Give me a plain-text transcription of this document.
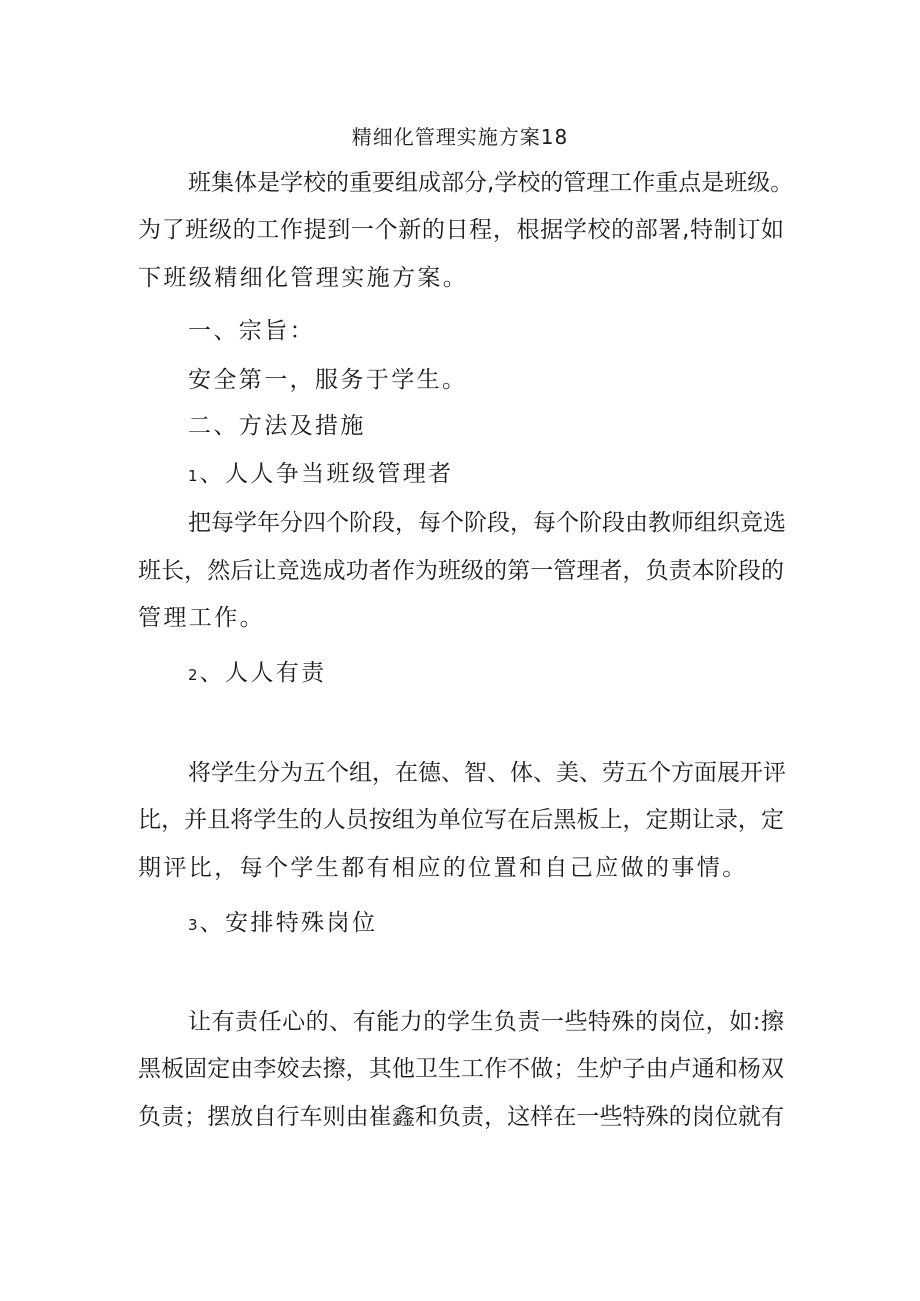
精细化管理实施方案18
班集体是学校的重要组成部分,学校的管理工作重点是班级。
为了班级的工作提到一个新的日程，根据学校的部署,特制订如
下班级精细化管理实施方案。
一、宗旨：
安全第一，服务于学生。
二、方法及措施
1、人人争当班级管理者
把每学年分四个阶段，每个阶段，每个阶段由教师组织竞选
班长，然后让竞选成功者作为班级的第一管理者，负责本阶段的
管理工作。
2、人人有责
将学生分为五个组，在德、智、体、美、劳五个方面展开评
比，并且将学生的人员按组为单位写在后黑板上，定期让录，定
期评比，每个学生都有相应的位置和自己应做的事情。
3、安排特殊岗位
让有责任心的、有能力的学生负责一些特殊的岗位，如:擦
黑板固定由李姣去擦，其他卫生工作不做；生炉子由卢通和杨双
负责；摆放自行车则由崔鑫和负责，这样在一些特殊的岗位就有
